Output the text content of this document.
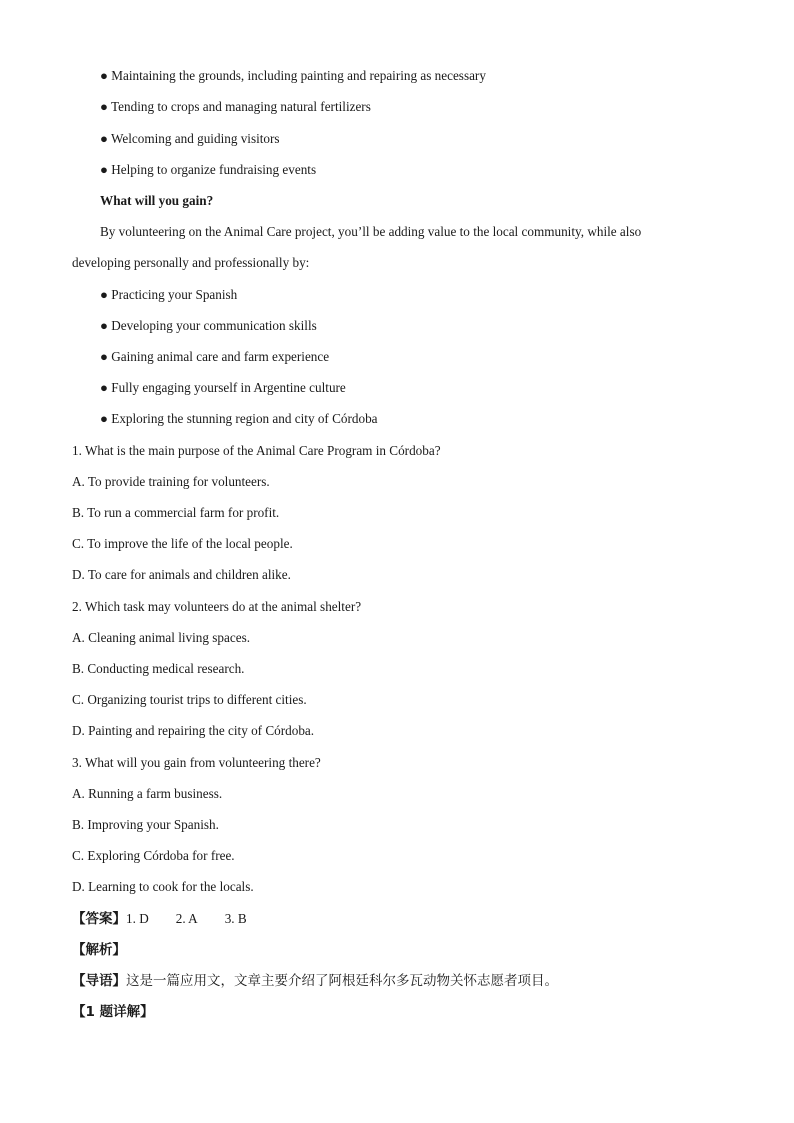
● Maintaining the grounds, including painting and repairing as necessary
● Tending to crops and managing natural fertilizers
● Welcoming and guiding visitors
● Helping to organize fundraising events
What will you gain?
By volunteering on the Animal Care project, you’ll be adding value to the local community, while also
developing personally and professionally by:
● Practicing your Spanish
● Developing your communication skills
● Gaining animal care and farm experience
● Fully engaging yourself in Argentine culture
● Exploring the stunning region and city of Córdoba
1. What is the main purpose of the Animal Care Program in Córdoba?
A. To provide training for volunteers.
B. To run a commercial farm for profit.
C. To improve the life of the local people.
D. To care for animals and children alike.
2. Which task may volunteers do at the animal shelter?
A. Cleaning animal living spaces.
B. Conducting medical research.
C. Organizing tourist trips to different cities.
D. Painting and repairing the city of Córdoba.
3. What will you gain from volunteering there?
A. Running a farm business.
B. Improving your Spanish.
C. Exploring Córdoba for free.
D. Learning to cook for the locals.
【答案】1. D 2. A 3. B
【解析】
【导语】这是一篇应用文，文章主要介绍了阿根廷科尔多瓦动物关怀志愿者项目。
【1 题详解】
